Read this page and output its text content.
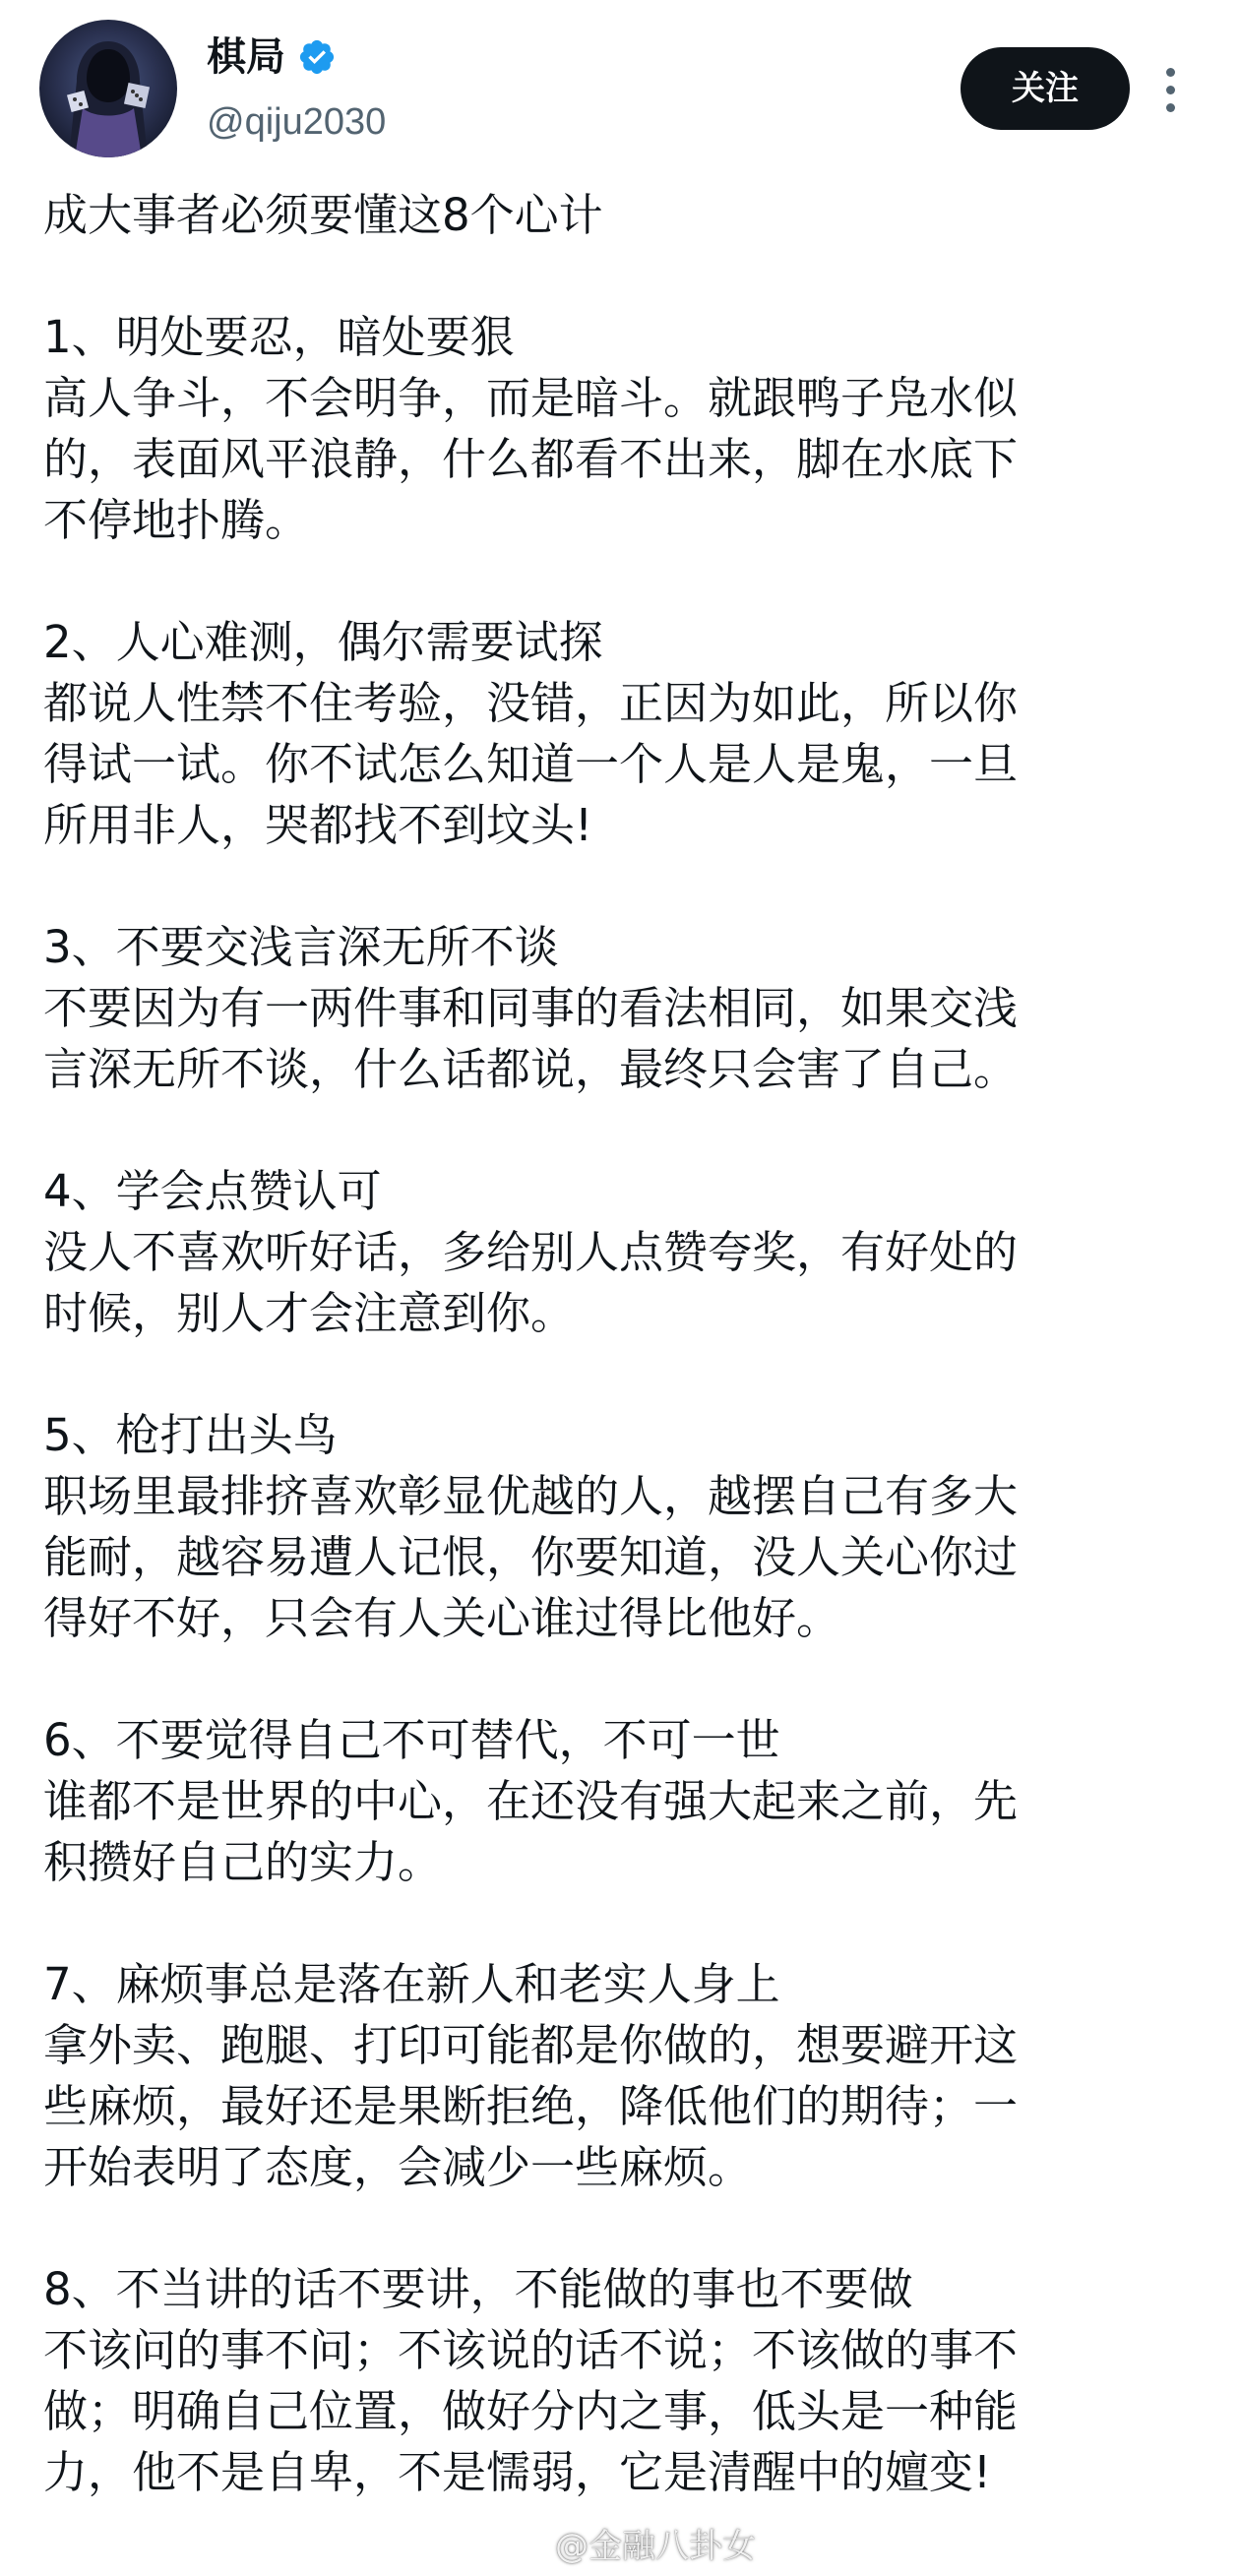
棋局
@qiju2030
关注

成大事者必须要懂这8个心计

1、明处要忍，暗处要狠

高人争斗，不会明争，而是暗斗。就跟鸭子凫水似

的，表面风平浪静，什么都看不出来，脚在水底下

不停地扑腾。

2、人心难测，偶尔需要试探

都说人性禁不住考验，没错，正因为如此，所以你

得试一试。你不试怎么知道一个人是人是鬼，一旦

所用非人，哭都找不到坟头!

3、不要交浅言深无所不谈

不要因为有一两件事和同事的看法相同，如果交浅

言深无所不谈，什么话都说，最终只会害了自己。

4、学会点赞认可

没人不喜欢听好话，多给别人点赞夸奖，有好处的

时候，别人才会注意到你。

5、枪打出头鸟

职场里最排挤喜欢彰显优越的人，越摆自己有多大

能耐，越容易遭人记恨，你要知道，没人关心你过

得好不好，只会有人关心谁过得比他好。

6、不要觉得自己不可替代，不可一世

谁都不是世界的中心，在还没有强大起来之前，先

积攒好自己的实力。

7、麻烦事总是落在新人和老实人身上

拿外卖、跑腿、打印可能都是你做的，想要避开这

些麻烦，最好还是果断拒绝，降低他们的期待；一

开始表明了态度，会减少一些麻烦。

8、不当讲的话不要讲，不能做的事也不要做

不该问的事不问；不该说的话不说；不该做的事不

做；明确自己位置，做好分内之事，低头是一种能

力，他不是自卑，不是懦弱，它是清醒中的嬗变!

@金融八卦女
